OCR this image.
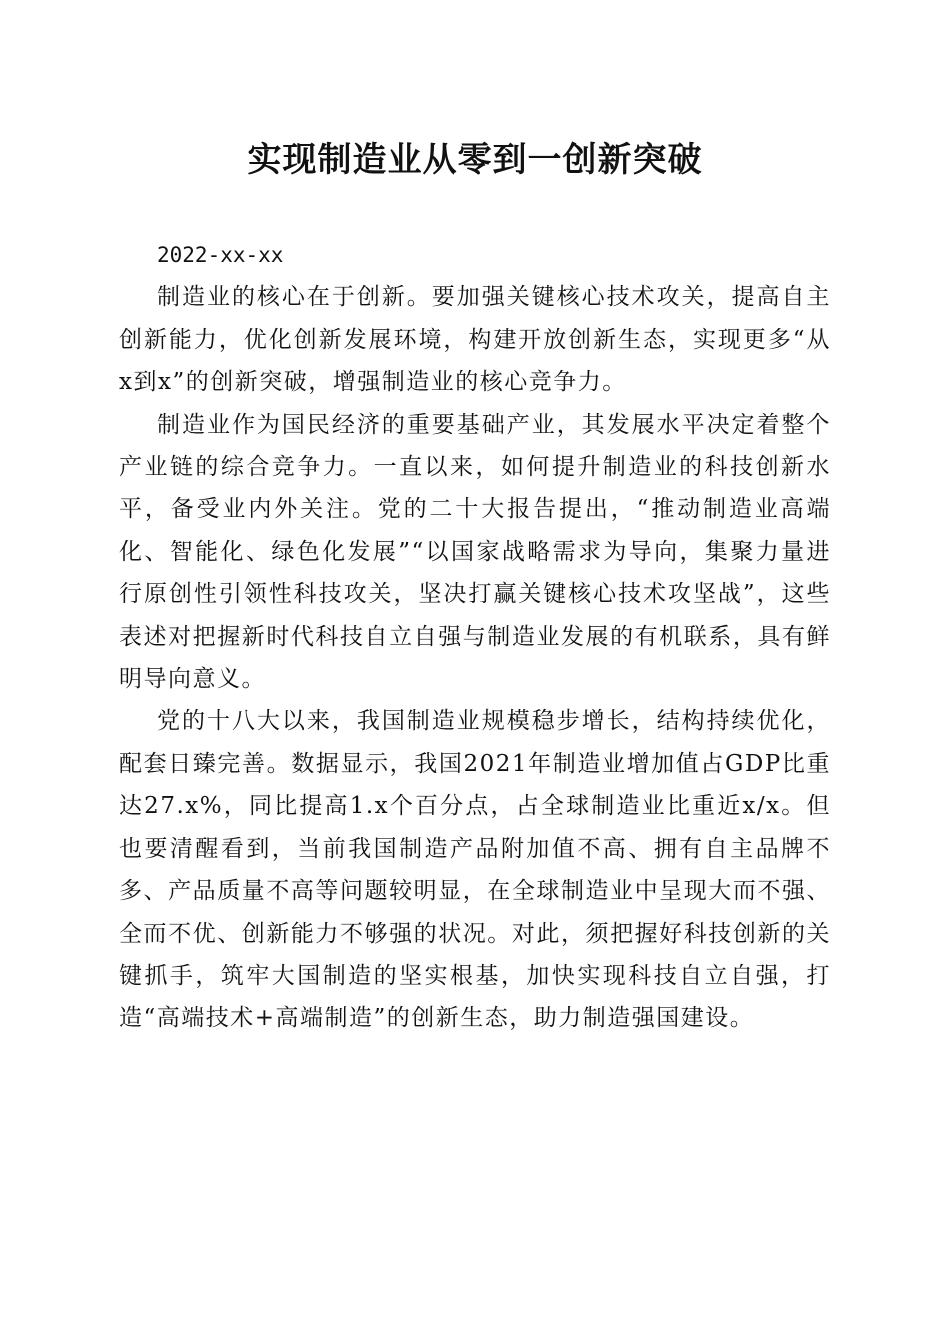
实现制造业从零到一创新突破

2022-xx-xx

制造业的核心在于创新。要加强关键核心技术攻关，提高自主创新能力，优化创新发展环境，构建开放创新生态，实现更多“从x到x”的创新突破，增强制造业的核心竞争力。

制造业作为国民经济的重要基础产业，其发展水平决定着整个产业链的综合竞争力。一直以来，如何提升制造业的科技创新水平，备受业内外关注。党的二十大报告提出，“推动制造业高端化、智能化、绿色化发展”“以国家战略需求为导向，集聚力量进行原创性引领性科技攻关，坚决打赢关键核心技术攻坚战”，这些表述对把握新时代科技自立自强与制造业发展的有机联系，具有鲜明导向意义。

党的十八大以来，我国制造业规模稳步增长，结构持续优化，配套日臻完善。数据显示，我国2021年制造业增加值占GDP比重达27.x%，同比提高1.x个百分点，占全球制造业比重近x/x。但也要清醒看到，当前我国制造产品附加值不高、拥有自主品牌不多、产品质量不高等问题较明显，在全球制造业中呈现大而不强、全而不优、创新能力不够强的状况。对此，须把握好科技创新的关键抓手，筑牢大国制造的坚实根基，加快实现科技自立自强，打造“高端技术+高端制造”的创新生态，助力制造强国建设。
